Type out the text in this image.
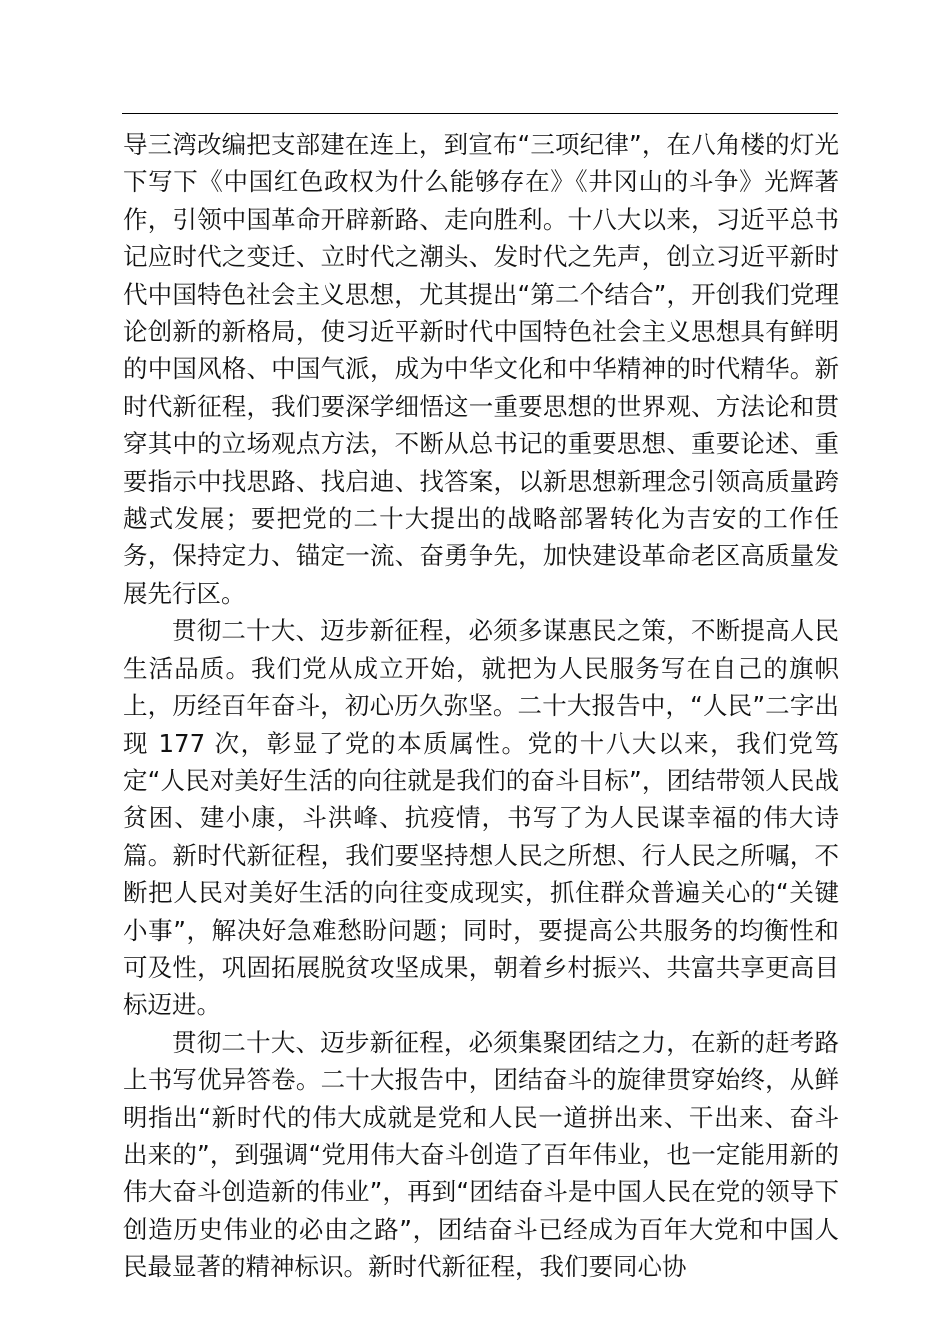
导三湾改编把支部建在连上，到宣布“三项纪律”，在八角楼的灯光下写下《中国红色政权为什么能够存在》《井冈山的斗争》光辉著作，引领中国革命开辟新路、走向胜利。十八大以来，习近平总书记应时代之变迁、立时代之潮头、发时代之先声，创立习近平新时代中国特色社会主义思想，尤其提出“第二个结合”，开创我们党理论创新的新格局，使习近平新时代中国特色社会主义思想具有鲜明的中国风格、中国气派，成为中华文化和中华精神的时代精华。新时代新征程，我们要深学细悟这一重要思想的世界观、方法论和贯穿其中的立场观点方法，不断从总书记的重要思想、重要论述、重要指示中找思路、找启迪、找答案，以新思想新理念引领高质量跨越式发展；要把党的二十大提出的战略部署转化为吉安的工作任务，保持定力、锚定一流、奋勇争先，加快建设革命老区高质量发展先行区。

贯彻二十大、迈步新征程，必须多谋惠民之策，不断提高人民生活品质。我们党从成立开始，就把为人民服务写在自己的旗帜上，历经百年奋斗，初心历久弥坚。二十大报告中，“人民”二字出现 177 次，彰显了党的本质属性。党的十八大以来，我们党笃定“人民对美好生活的向往就是我们的奋斗目标”，团结带领人民战贫困、建小康，斗洪峰、抗疫情，书写了为人民谋幸福的伟大诗篇。新时代新征程，我们要坚持想人民之所想、行人民之所嘱，不断把人民对美好生活的向往变成现实，抓住群众普遍关心的“关键小事”，解决好急难愁盼问题；同时，要提高公共服务的均衡性和可及性，巩固拓展脱贫攻坚成果，朝着乡村振兴、共富共享更高目标迈进。

贯彻二十大、迈步新征程，必须集聚团结之力，在新的赶考路上书写优异答卷。二十大报告中，团结奋斗的旋律贯穿始终，从鲜明指出“新时代的伟大成就是党和人民一道拼出来、干出来、奋斗出来的”，到强调“党用伟大奋斗创造了百年伟业，也一定能用新的伟大奋斗创造新的伟业”，再到“团结奋斗是中国人民在党的领导下创造历史伟业的必由之路”，团结奋斗已经成为百年大党和中国人民最显著的精神标识。新时代新征程，我们要同心协
